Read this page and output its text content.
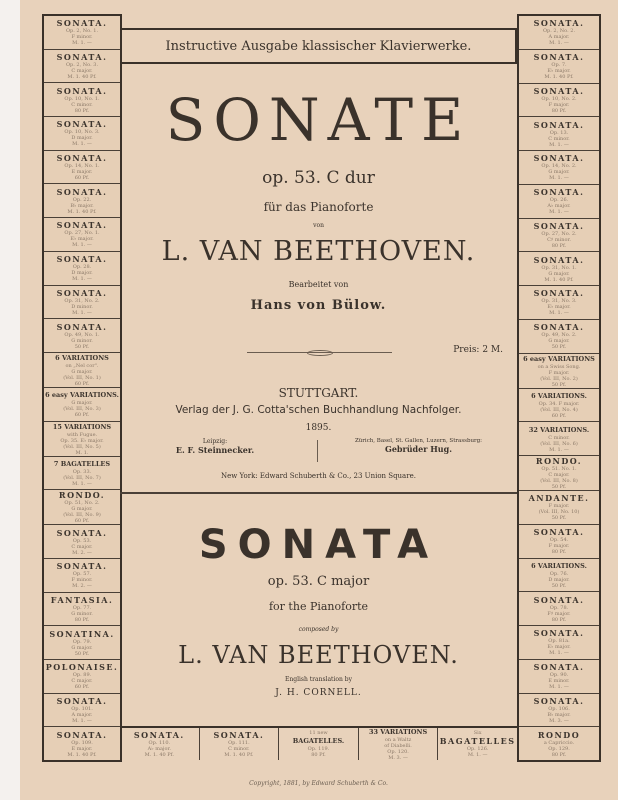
SONATA.
Op. 2, No. 1.
F minor.
M. 1. —
SONATA.
Op. 2, No. 3.
C major.
M. 1. 40 Pf.
SONATA.
Op. 10, No. 1.
C minor.
80 Pf.
SONATA.
Op. 10, No. 3.
D major.
M. 1. —
SONATA.
Op. 14, No. 1.
E major.
60 Pf.
SONATA.
Op. 22.
B♭ major.
M. 1. 40 Pf.
SONATA.
Op. 27, No. 1.
E♭ major.
M. 1. —
SONATA.
Op. 28.
D major.
M. 1. —
SONATA.
Op. 31, No. 2.
D minor.
M. 1. —
SONATA.
Op. 49, No. 1.
G minor.
50 Pf.
6 VARIATIONS
on „Nel cor".
G major.
(Vol. III, No. 1)
60 Pf.
6 easy VARIATIONS.
G major.
(Vol. III, No. 3)
60 Pf.
15 VARIATIONS
with Fugue.
Op. 35. E♭ major.
(Vol. III, No. 5)
M. 1.
7 BAGATELLES
Op. 33.
(Vol. III, No. 7)
M. 1. —
RONDO.
Op. 51, No. 2.
G major.
(Vol. III, No. 9)
60 Pf.
SONATA.
Op. 53.
C major.
M. 2. —
SONATA.
Op. 57.
F minor.
M. 2. —
FANTASIA.
Op. 77.
G minor.
80 Pf.
SONATINA.
Op. 79.
G major.
50 Pf.
POLONAISE.
Op. 89.
C major.
60 Pf.
SONATA.
Op. 101.
A major.
M. 1. —
SONATA.
Op. 109.
E major.
M. 1. 40 Pf.
SONATA.
Op. 2, No. 2.
A major.
M. 1. —
SONATA.
Op. 7.
E♭ major.
M. 1. 40 Pf.
SONATA.
Op. 10, No. 2.
F major.
80 Pf.
SONATA.
Op. 13.
C minor.
M. 1. —
SONATA.
Op. 14, No. 2.
G major.
M. 1. —
SONATA.
Op. 26.
A♭ major.
M. 1. —
SONATA.
Op. 27, No. 2.
C♯ minor.
80 Pf.
SONATA.
Op. 31, No. 1.
G major.
M. 1. 40 Pf.
SONATA.
Op. 31, No. 3.
E♭ major.
M. 1. —
SONATA.
Op. 49, No. 2.
G major.
50 Pf.
6 easy VARIATIONS
on a Swiss Song.
F major.
(Vol. III, No. 2)
50 Pf.
6 VARIATIONS.
Op. 34. F major.
(Vol. III, No. 4)
60 Pf.
32 VARIATIONS.
C minor.
(Vol. III, No. 6)
M. 1. —
RONDO.
Op. 51. No. 1.
C major.
(Vol. III, No. 8)
50 Pf.
ANDANTE.
F major.
(Vol. III, No. 10)
50 Pf.
SONATA.
Op. 54.
F major.
80 Pf.
6 VARIATIONS.
Op. 76.
D major.
50 Pf.
SONATA.
Op. 78.
F♯ major.
80 Pf.
SONATA.
Op. 81a.
E♭ major.
M. 1. —
SONATA.
Op. 90.
E minor.
M. 1. —
SONATA.
Op. 106.
B♭ major.
M. 3. —
RONDO
a Capriccio.
Op. 129.
80 Pf.
Instructive Ausgabe klassischer Klavierwerke.
SONATE
op. 53. C dur
für das Pianoforte
von
L. VAN BEETHOVEN.
Bearbeitet von
Hans von Bülow.
Preis: 2 M.
STUTTGART.
Verlag der J. G. Cotta'schen Buchhandlung Nachfolger.
1895.
Leipzig:
E. F. Steinnecker.
Zürich, Basel, St. Gallen, Luzern, Strassburg:
Gebrüder Hug.
New York: Edward Schuberth & Co., 23 Union Square.
SONATA
op. 53. C major
for the Pianoforte
composed by
L. VAN BEETHOVEN.
English translation by
J. H. CORNELL.
Copyright, 1881, by Edward Schuberth & Co.
SONATA.
Op. 110.
A♭ major.
M. 1. 40 Pf.
SONATA.
Op. 111.
C minor.
M. 1. 40 Pf.
11 new
BAGATELLES.
Op. 119.
80 Pf.
33 VARIATIONS
on a Waltz
of Diabelli.
Op. 120.
M. 3. —
Six
BAGATELLES
Op. 126.
M. 1. —
